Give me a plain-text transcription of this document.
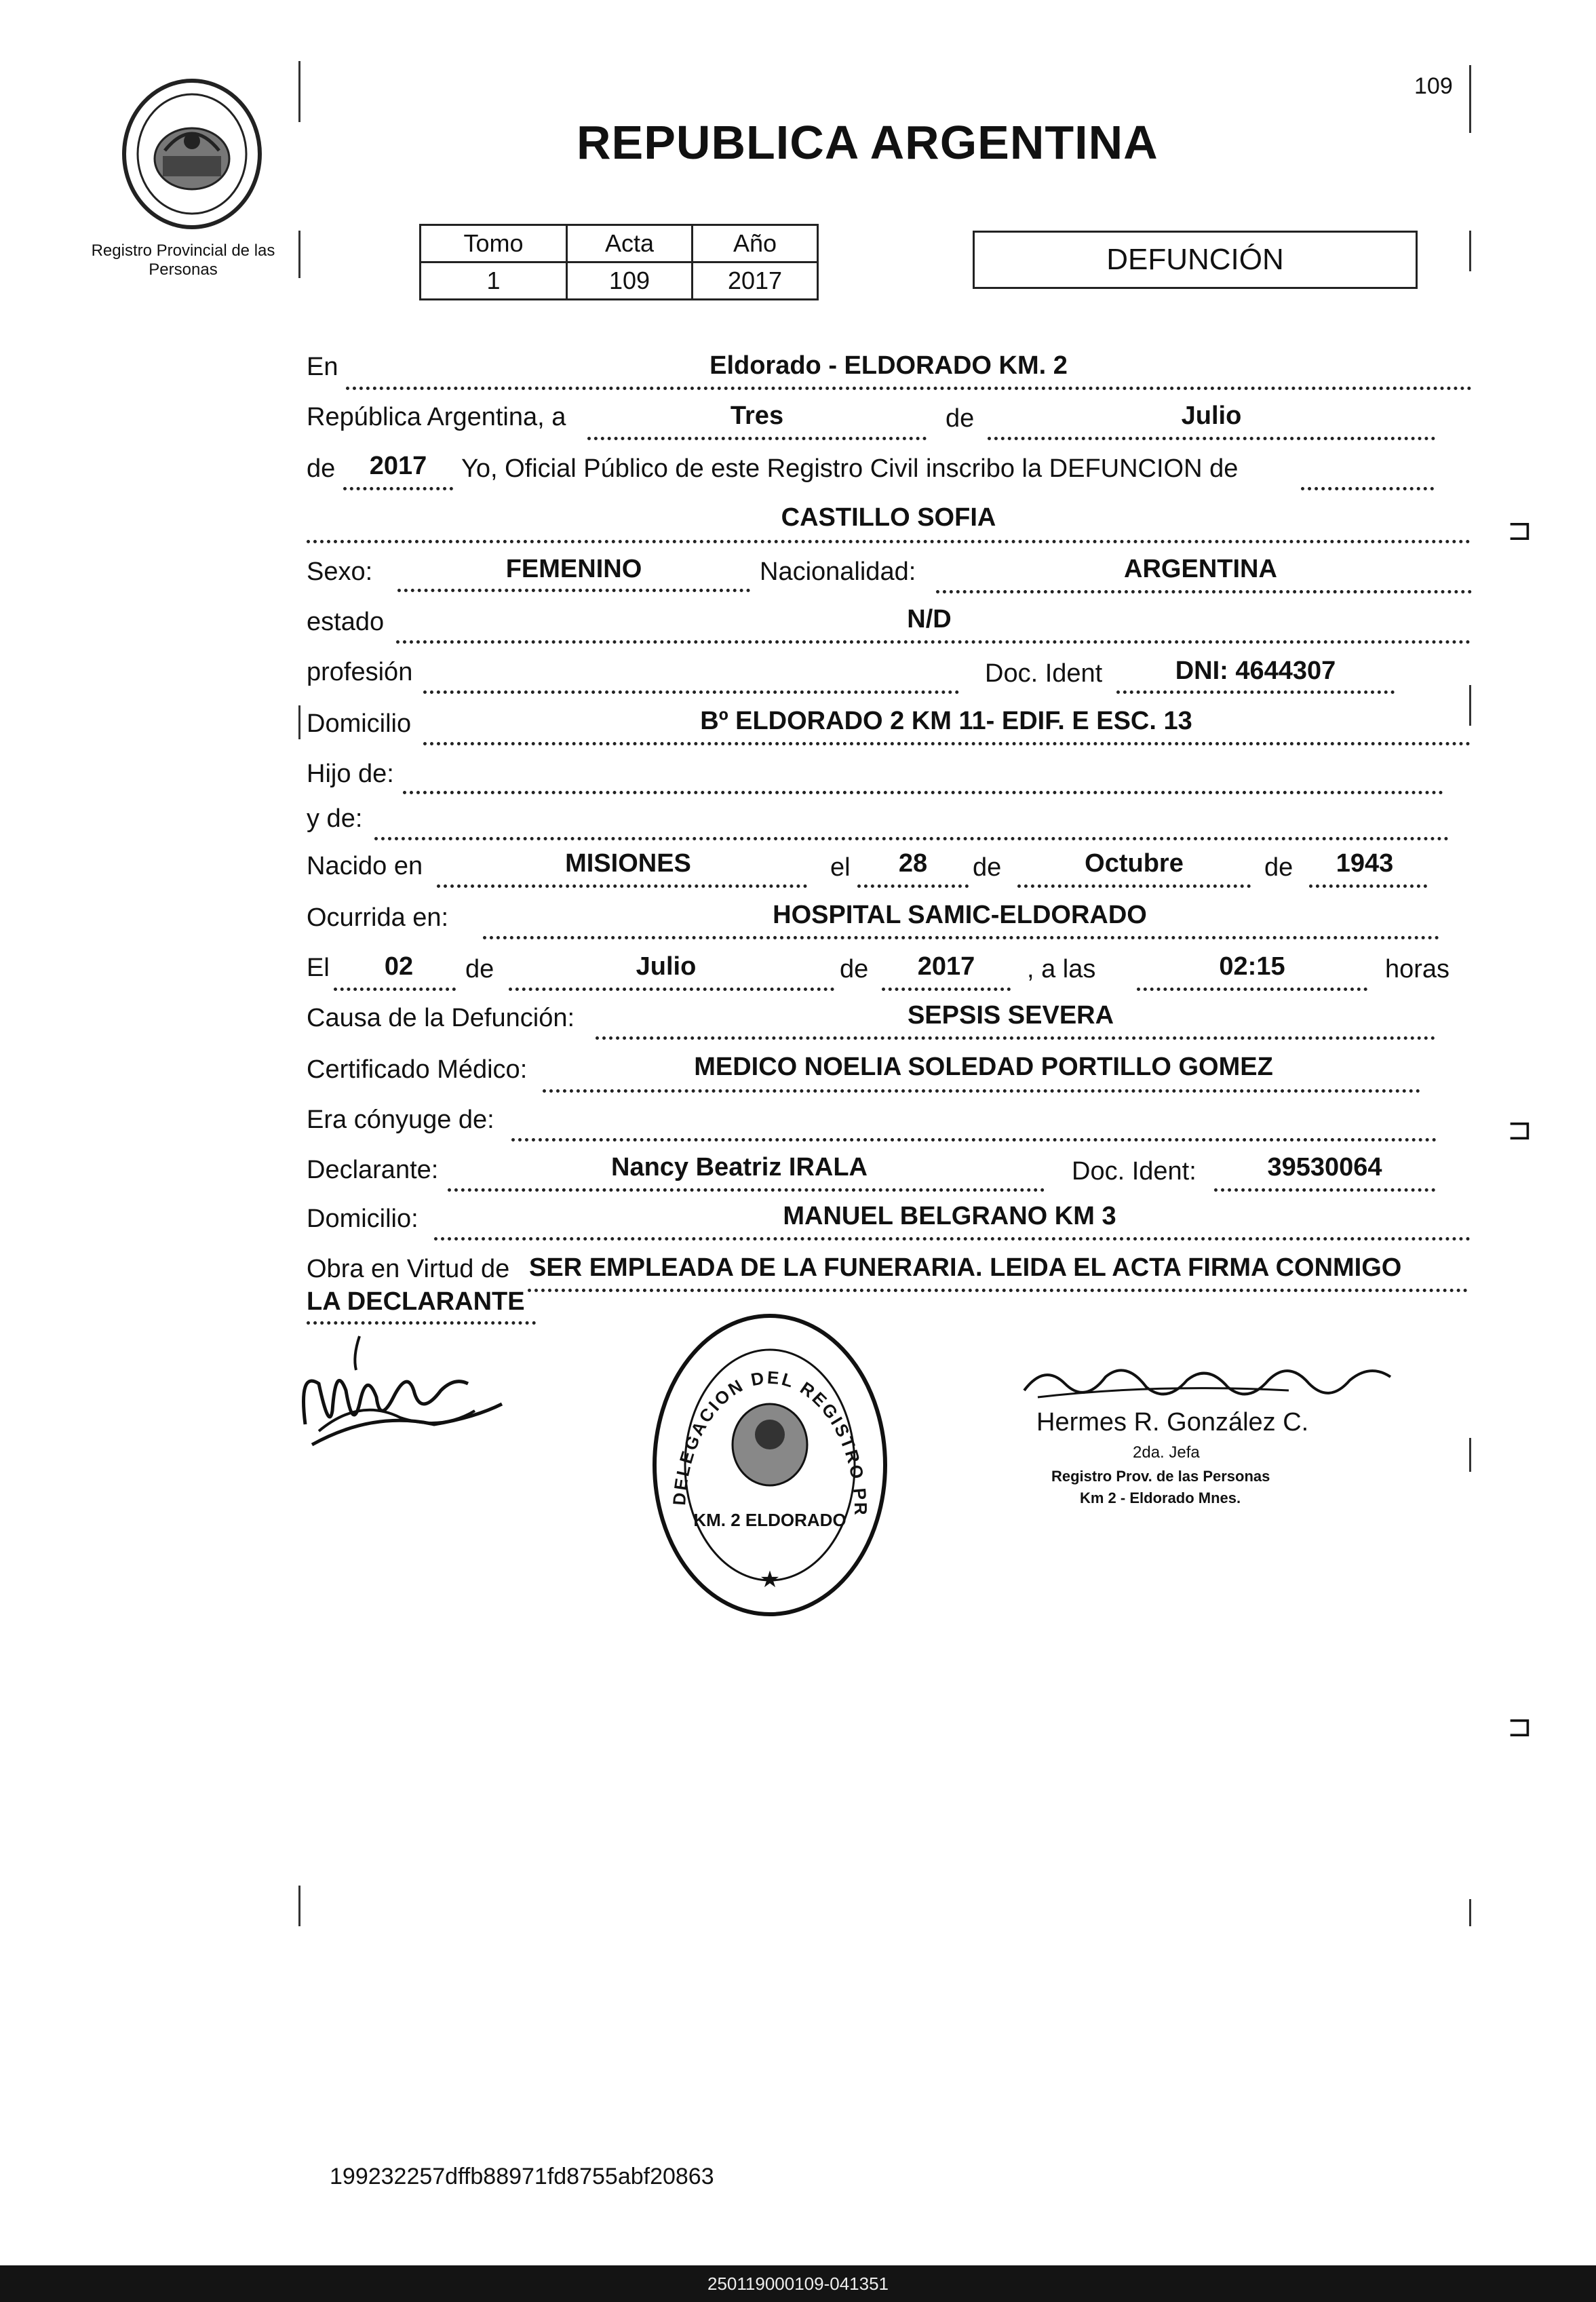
Registro Provincial de las Personas
109
REPUBLICA ARGENTINA
Tomo	Acta	Año
1	109	2017
DEFUNCIÓN
En	Eldorado - ELDORADO KM. 2
República Argentina, a	Tres	de	Julio
de	2017	Yo, Oficial Público de este Registro Civil inscribo la DEFUNCION de
CASTILLO SOFIA
Sexo:	FEMENINO	Nacionalidad:	ARGENTINA
estado	N/D
profesión	Doc. Ident	DNI: 4644307
Domicilio	Bº ELDORADO 2 KM 11- EDIF. E ESC. 13
Hijo de:
y de:
Nacido en	MISIONES	el	28	de	Octubre	de	1943
Ocurrida en:	HOSPITAL SAMIC-ELDORADO
El	02	de	Julio	de	2017	, a las	02:15	horas
Causa de la Defunción:	SEPSIS SEVERA
Certificado Médico:	MEDICO NOELIA SOLEDAD PORTILLO GOMEZ
Era cónyuge de:
Declarante:	Nancy Beatriz IRALA	Doc. Ident:	39530064
Domicilio:	MANUEL BELGRANO KM 3
Obra en Virtud de SER EMPLEADA DE LA FUNERARIA. LEIDA EL ACTA FIRMA CONMIGO
LA DECLARANTE
DELEGACION DEL REGISTRO PR
KM. 2 ELDORADO
★
Hermes R. González C.
2da. Jefa
Registro Prov. de las Personas
Km 2 - Eldorado Mnes.
⊐
⊐
⊐
199232257dffb88971fd8755abf20863
250119000109-041351
